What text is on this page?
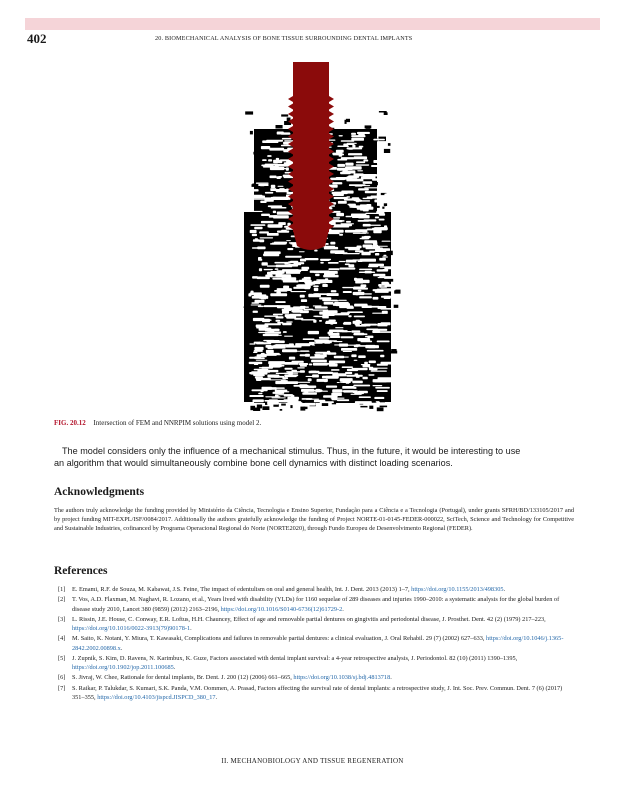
402	20. BIOMECHANICAL ANALYSIS OF BONE TISSUE SURROUNDING DENTAL IMPLANTS
FIG. 20.12 Intersection of FEM and NNRPIM solutions using model 2.
The model considers only the influence of a mechanical stimulus. Thus, in the future, it would be interesting to use
an algorithm that would simultaneously combine bone cell dynamics with distinct loading scenarios.
Acknowledgments
The authors truly acknowledge the funding provided by Ministério da Ciência, Tecnologia e Ensino Superior, Fundação para a Ciência e a Tecnologia (Portugal), under grants SFRH/BD/133105/2017 and by project funding MIT-EXPL/ISF/0084/2017. Additionally the authors gratefully acknowledge the funding of Project NORTE-01-0145-FEDER-000022, SciTech, Science and Technology for Competitive and Sustainable Industries, cofinanced by Programa Operacional Regional do Norte (NORTE2020), through Fundo Europeu de Desenvolvimento Regional (FEDER).
References
[1] E. Emami, R.F. de Souza, M. Kabawat, J.S. Feine, The impact of edentulism on oral and general health, Int. J. Dent. 2013 (2013) 1–7, https://doi.org/10.1155/2013/498305.
[2] T. Vos, A.D. Flaxman, M. Naghavi, R. Lozano, et al., Years lived with disability (YLDs) for 1160 sequelae of 289 diseases and injuries 1990–2010: a systematic analysis for the global burden of disease study 2010, Lancet 380 (9859) (2012) 2163–2196, https://doi.org/10.1016/S0140-6736(12)61729-2.
[3] L. Rissin, J.E. House, C. Conway, E.R. Loftus, H.H. Chauncey, Effect of age and removable partial dentures on gingivitis and periodontal disease, J. Prosthet. Dent. 42 (2) (1979) 217–223, https://doi.org/10.1016/0022-3913(79)90178-1.
[4] M. Saito, K. Notani, Y. Miura, T. Kawasaki, Complications and failures in removable partial dentures: a clinical evaluation, J. Oral Rehabil. 29 (7) (2002) 627–633, https://doi.org/10.1046/j.1365-2842.2002.00898.x.
[5] J. Zupnik, S. Kim, D. Ravens, N. Karimbux, K. Guze, Factors associated with dental implant survival: a 4-year retrospective analysis, J. Periodontol. 82 (10) (2011) 1390–1395, https://doi.org/10.1902/jop.2011.100685.
[6] S. Jivraj, W. Chee, Rationale for dental implants, Br. Dent. J. 200 (12) (2006) 661–665, https://doi.org/10.1038/sj.bdj.4813718.
[7] S. Raikar, P. Talukdar, S. Kumari, S.K. Panda, V.M. Oommen, A. Prasad, Factors affecting the survival rate of dental implants: a retrospective study, J. Int. Soc. Prev. Commun. Dent. 7 (6) (2017) 351–355, https://doi.org/10.4103/jispcd.JISPCD_380_17.
II. MECHANOBIOLOGY AND TISSUE REGENERATION
